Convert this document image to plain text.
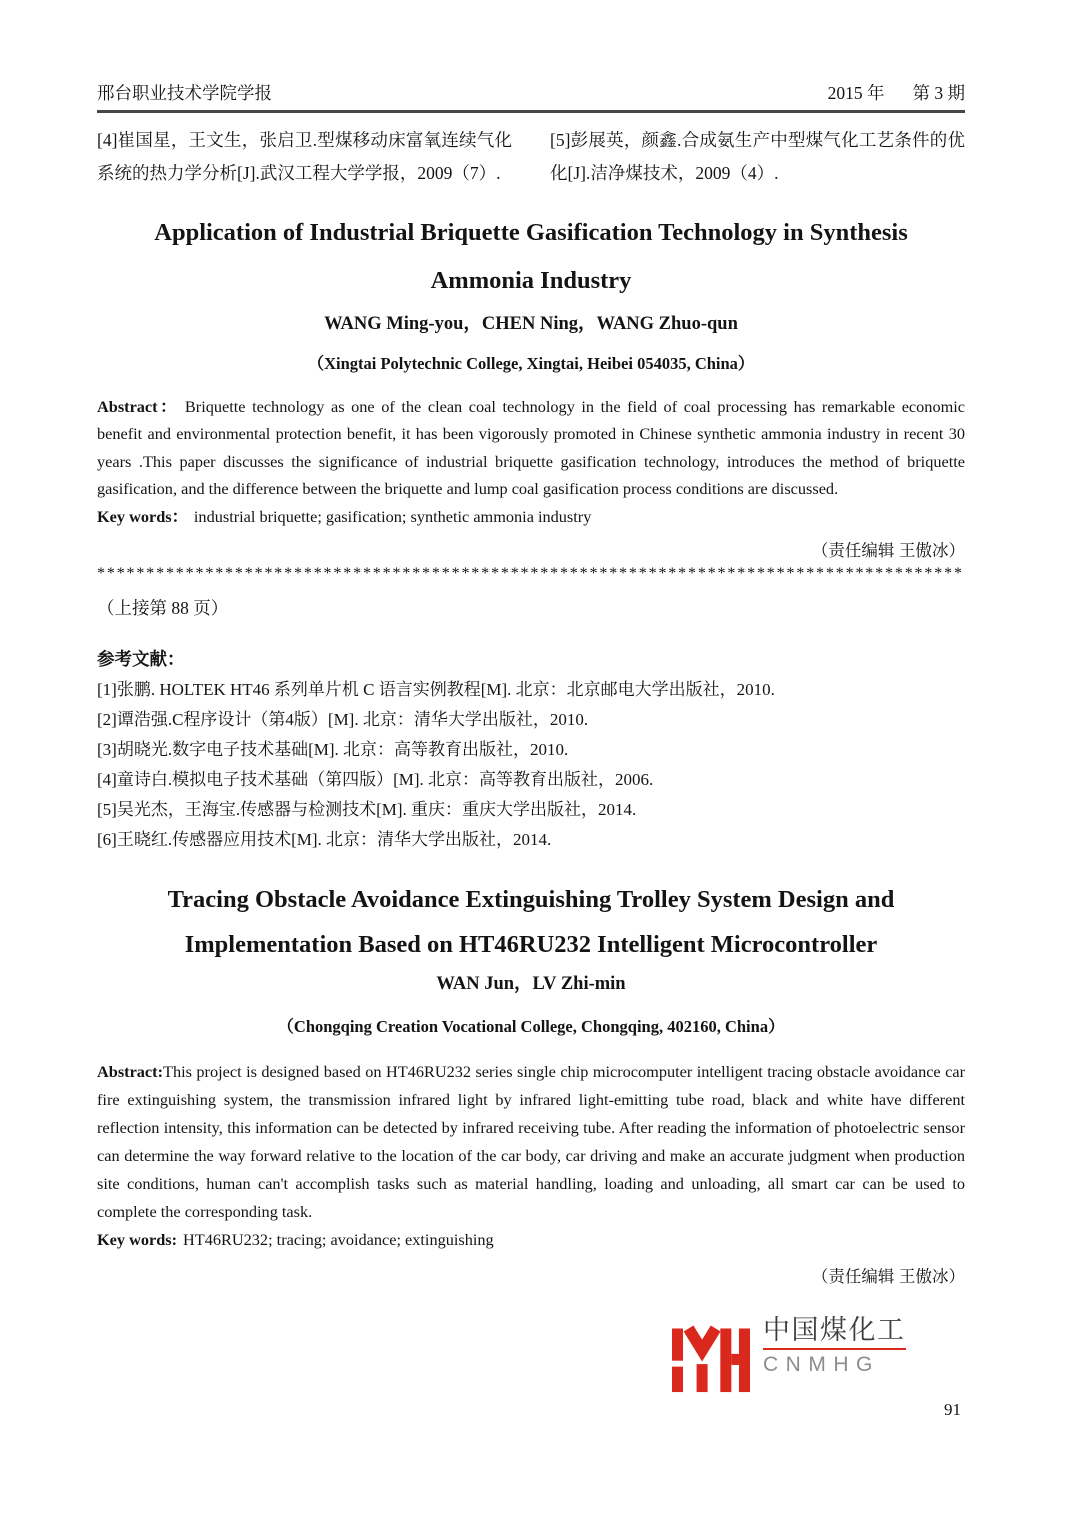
邢台职业技术学院学报	2015 年 第 3 期
[4]崔国星，王文生，张启卫.型煤移动床富氧连续气化系统的热力学分析[J].武汉工程大学学报，2009（7）.
[5]彭展英，颜鑫.合成氨生产中型煤气化工艺条件的优化[J].洁净煤技术，2009（4）.
Application of Industrial Briquette Gasification Technology in Synthesis
Ammonia Industry
WANG Ming-you，CHEN Ning，WANG Zhuo-qun
（Xingtai Polytechnic College, Xingtai, Heibei 054035, China）

Abstract： Briquette technology as one of the clean coal technology in the field of coal processing has remarkable economic benefit and environmental protection benefit, it has been vigorously promoted in Chinese synthetic ammonia industry in recent 30 years .This paper discusses the significance of industrial briquette gasification technology, introduces the method of briquette gasification, and the difference between the briquette and lump coal gasification process conditions are discussed.

Key words： industrial briquette; gasification; synthetic ammonia industry

（责任编辑 王傲冰）
****************************************************************************************
（上接第 88 页）
参考文献：
[1]张鹏. HOLTEK HT46 系列单片机 C 语言实例教程[M]. 北京：北京邮电大学出版社，2010.
[2]谭浩强.C程序设计（第4版）[M]. 北京：清华大学出版社，2010.
[3]胡晓光.数字电子技术基础[M]. 北京：高等教育出版社，2010.
[4]童诗白.模拟电子技术基础（第四版）[M]. 北京：高等教育出版社，2006.
[5]吴光杰，王海宝.传感器与检测技术[M]. 重庆：重庆大学出版社，2014.
[6]王晓红.传感器应用技术[M]. 北京：清华大学出版社，2014.
Tracing Obstacle Avoidance Extinguishing Trolley System Design and
Implementation Based on HT46RU232 Intelligent Microcontroller
WAN Jun，LV Zhi-min
（Chongqing Creation Vocational College, Chongqing, 402160, China）

Abstract:This project is designed based on HT46RU232 series single chip microcomputer intelligent tracing obstacle avoidance car fire extinguishing system, the transmission infrared light by infrared light-emitting tube road, black and white have different reflection intensity, this information can be detected by infrared receiving tube. After reading the information of photoelectric sensor can determine the way forward relative to the location of the car body, car driving and make an accurate judgment when production site conditions, human can't accomplish tasks such as material handling, loading and unloading, all smart car can be used to complete the corresponding task.

Key words: HT46RU232; tracing; avoidance; extinguishing

（责任编辑 王傲冰）
中国煤化工
CNMHG
91
